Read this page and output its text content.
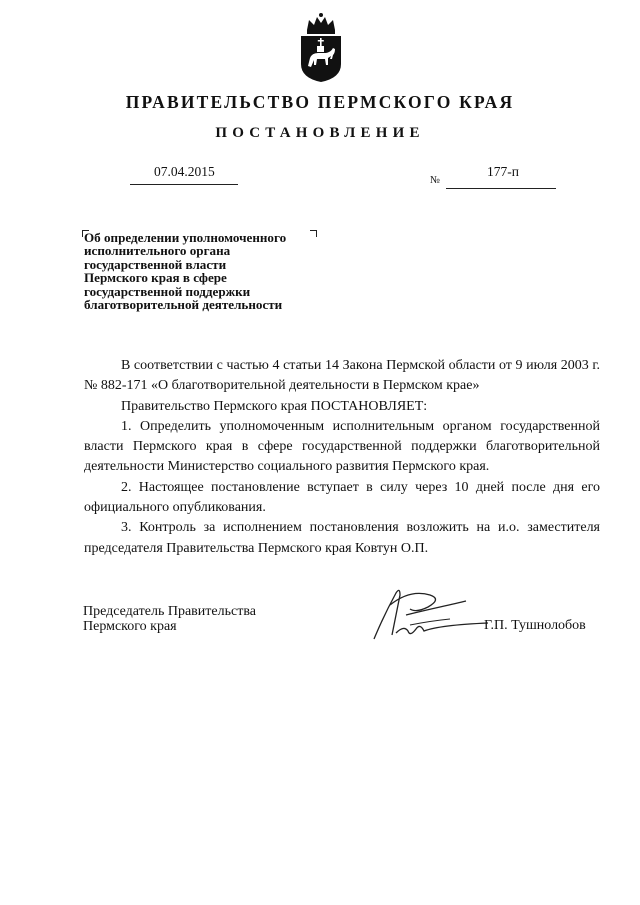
ПРАВИТЕЛЬСТВО ПЕРМСКОГО КРАЯ
ПОСТАНОВЛЕНИЕ
07.04.2015
№
177-п
Об определении уполномоченного
исполнительного органа
государственной власти
Пермского края в сфере
государственной поддержки
благотворительной деятельности

В соответствии с частью 4 статьи 14 Закона Пермской области от 9 июля 2003 г. № 882-171 «О благотворительной деятельности в Пермском крае»

Правительство Пермского края ПОСТАНОВЛЯЕТ:

1. Определить уполномоченным исполнительным органом государственной власти Пермского края в сфере государственной поддержки благотворительной деятельности Министерство социального развития Пермского края.

2. Настоящее постановление вступает в силу через 10 дней после дня его официального опубликования.

3. Контроль за исполнением постановления возложить на и.о. заместителя председателя Правительства Пермского края Ковтун О.П.

Председатель Правительства
Пермского края	Г.П. Тушнолобов
